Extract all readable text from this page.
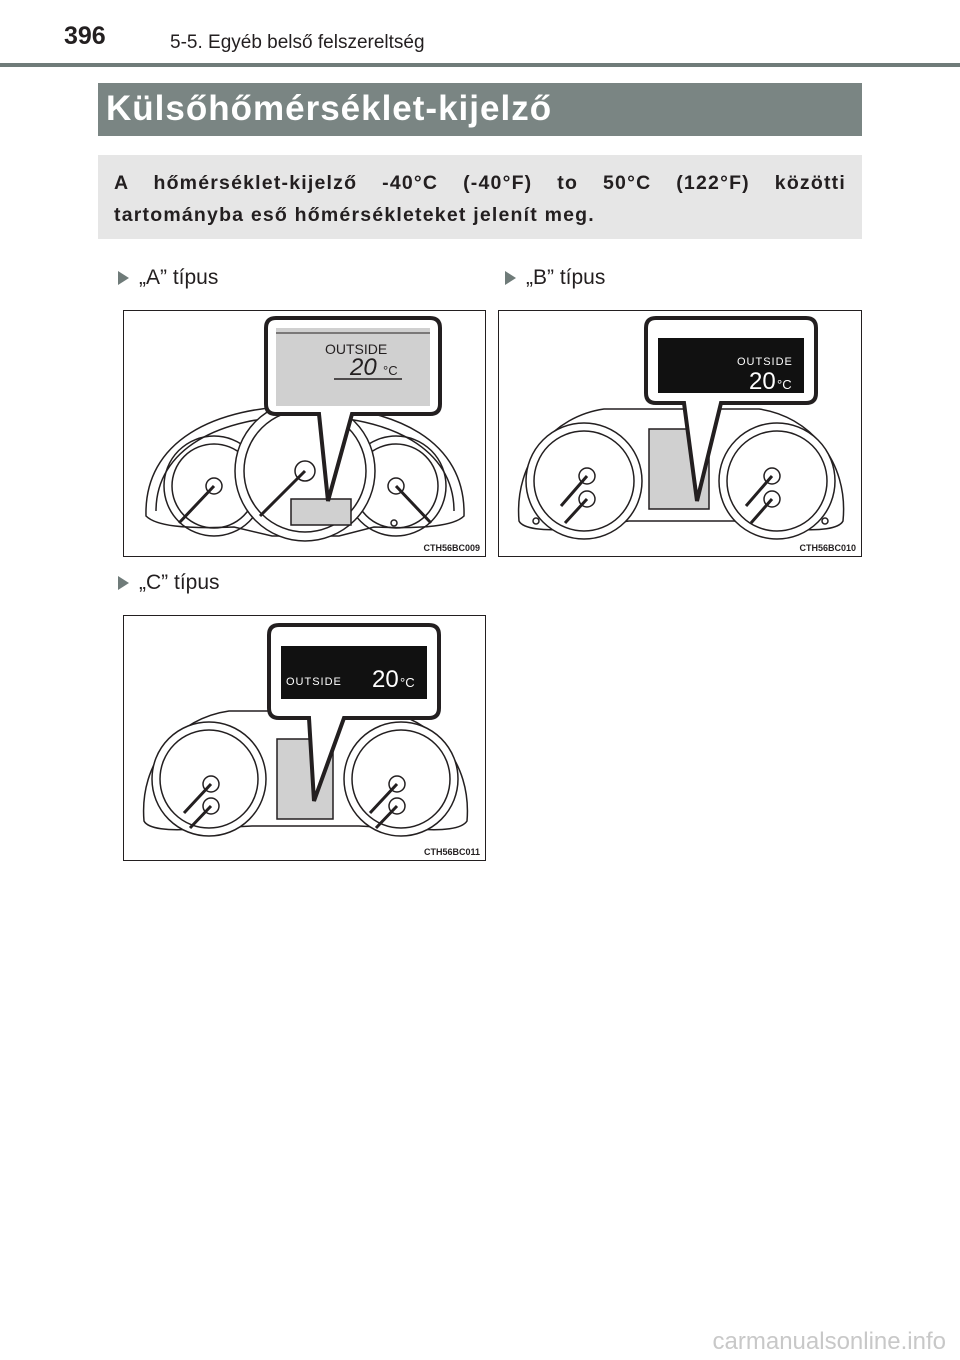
396	5-5. Egyéb belső felszereltség
Külsőhőmérséklet-kijelző

A hőmérséklet-kijelző -40°C (-40°F) to 50°C (122°F) közötti tartományba eső hőmérsékleteket jelenít meg.

„A” típus	„B” típus
OUTSIDE
20 °C
CTH56BC009
OUTSIDE
20 °C
CTH56BC010
„C” típus
OUTSIDE 20 °C
CTH56BC011
carmanualsonline.info
